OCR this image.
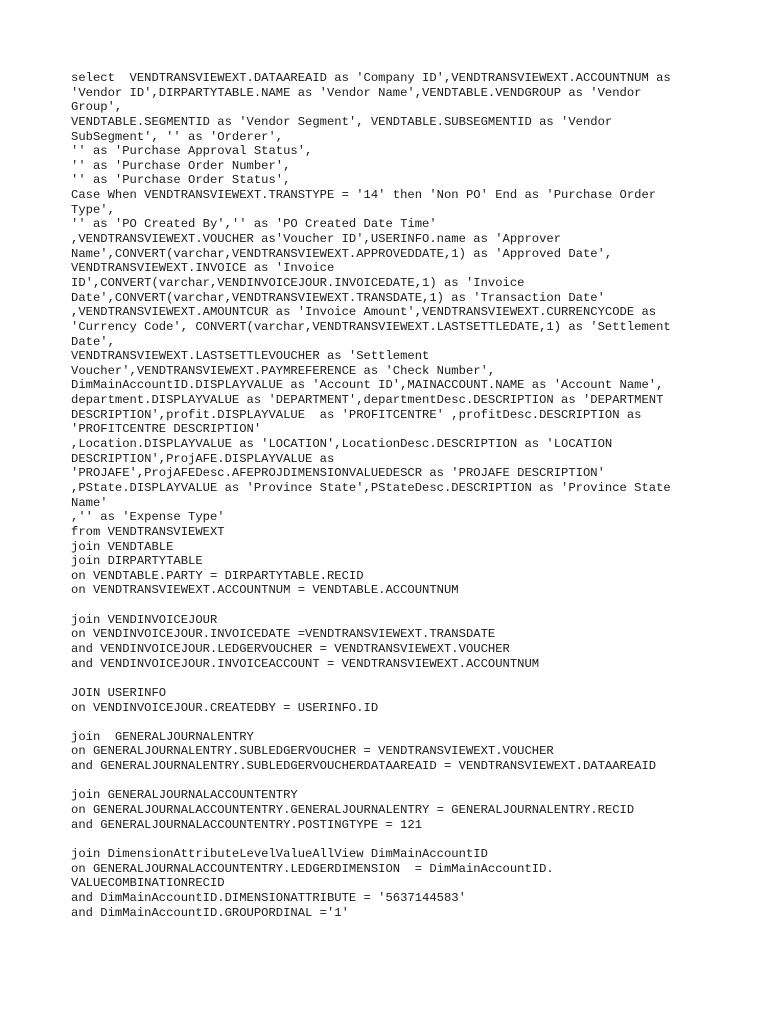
select  VENDTRANSVIEWEXT.DATAAREAID as 'Company ID',VENDTRANSVIEWEXT.ACCOUNTNUM as
'Vendor ID',DIRPARTYTABLE.NAME as 'Vendor Name',VENDTABLE.VENDGROUP as 'Vendor
Group',
VENDTABLE.SEGMENTID as 'Vendor Segment', VENDTABLE.SUBSEGMENTID as 'Vendor
SubSegment', '' as 'Orderer',
'' as 'Purchase Approval Status',
'' as 'Purchase Order Number',
'' as 'Purchase Order Status',
Case When VENDTRANSVIEWEXT.TRANSTYPE = '14' then 'Non PO' End as 'Purchase Order
Type',
'' as 'PO Created By','' as 'PO Created Date Time'
,VENDTRANSVIEWEXT.VOUCHER as'Voucher ID',USERINFO.name as 'Approver
Name',CONVERT(varchar,VENDTRANSVIEWEXT.APPROVEDDATE,1) as 'Approved Date',
VENDTRANSVIEWEXT.INVOICE as 'Invoice
ID',CONVERT(varchar,VENDINVOICEJOUR.INVOICEDATE,1) as 'Invoice
Date',CONVERT(varchar,VENDTRANSVIEWEXT.TRANSDATE,1) as 'Transaction Date'
,VENDTRANSVIEWEXT.AMOUNTCUR as 'Invoice Amount',VENDTRANSVIEWEXT.CURRENCYCODE as
'Currency Code', CONVERT(varchar,VENDTRANSVIEWEXT.LASTSETTLEDATE,1) as 'Settlement
Date',
VENDTRANSVIEWEXT.LASTSETTLEVOUCHER as 'Settlement
Voucher',VENDTRANSVIEWEXT.PAYMREFERENCE as 'Check Number',
DimMainAccountID.DISPLAYVALUE as 'Account ID',MAINACCOUNT.NAME as 'Account Name',
department.DISPLAYVALUE as 'DEPARTMENT',departmentDesc.DESCRIPTION as 'DEPARTMENT
DESCRIPTION',profit.DISPLAYVALUE  as 'PROFITCENTRE' ,profitDesc.DESCRIPTION as
'PROFITCENTRE DESCRIPTION'
,Location.DISPLAYVALUE as 'LOCATION',LocationDesc.DESCRIPTION as 'LOCATION
DESCRIPTION',ProjAFE.DISPLAYVALUE as
'PROJAFE',ProjAFEDesc.AFEPROJDIMENSIONVALUEDESCR as 'PROJAFE DESCRIPTION'
,PState.DISPLAYVALUE as 'Province State',PStateDesc.DESCRIPTION as 'Province State
Name'
,'' as 'Expense Type'
from VENDTRANSVIEWEXT
join VENDTABLE
join DIRPARTYTABLE
on VENDTABLE.PARTY = DIRPARTYTABLE.RECID
on VENDTRANSVIEWEXT.ACCOUNTNUM = VENDTABLE.ACCOUNTNUM
join VENDINVOICEJOUR
on VENDINVOICEJOUR.INVOICEDATE =VENDTRANSVIEWEXT.TRANSDATE
and VENDINVOICEJOUR.LEDGERVOUCHER = VENDTRANSVIEWEXT.VOUCHER
and VENDINVOICEJOUR.INVOICEACCOUNT = VENDTRANSVIEWEXT.ACCOUNTNUM
JOIN USERINFO
on VENDINVOICEJOUR.CREATEDBY = USERINFO.ID
join  GENERALJOURNALENTRY
on GENERALJOURNALENTRY.SUBLEDGERVOUCHER = VENDTRANSVIEWEXT.VOUCHER
and GENERALJOURNALENTRY.SUBLEDGERVOUCHERDATAAREAID = VENDTRANSVIEWEXT.DATAAREAID
join GENERALJOURNALACCOUNTENTRY
on GENERALJOURNALACCOUNTENTRY.GENERALJOURNALENTRY = GENERALJOURNALENTRY.RECID
and GENERALJOURNALACCOUNTENTRY.POSTINGTYPE = 121
join DimensionAttributeLevelValueAllView DimMainAccountID
on GENERALJOURNALACCOUNTENTRY.LEDGERDIMENSION  = DimMainAccountID.
VALUECOMBINATIONRECID
and DimMainAccountID.DIMENSIONATTRIBUTE = '5637144583'
and DimMainAccountID.GROUPORDINAL ='1'
